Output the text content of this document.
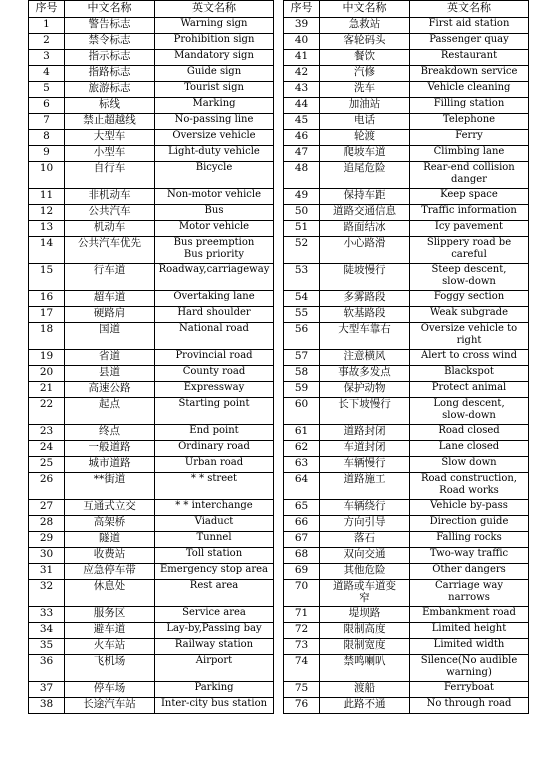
序号	中文名称	英文名称
1	警告标志	Warning sign
2	禁令标志	Prohibition sign
3	指示标志	Mandatory sign
4	指路标志	Guide sign
5	旅游标志	Tourist sign
6	标线	Marking
7	禁止超越线	No-passing line
8	大型车	Oversize vehicle
9	小型车	Light-duty vehicle
10	自行车	Bicycle
11	非机动车	Non-motor vehicle
12	公共汽车	Bus
13	机动车	Motor vehicle
14	公共汽车优先	Bus preemption
Bus priority
15	行车道	Roadway,carriageway
16	超车道	Overtaking lane
17	硬路肩	Hard shoulder
18	国道	National road
19	省道	Provincial road
20	县道	County road
21	高速公路	Expressway
22	起点	Starting point
23	终点	End point
24	一般道路	Ordinary road
25	城市道路	Urban road
26	**街道	* * street
27	互通式立交	* * interchange
28	高架桥	Viaduct
29	隧道	Tunnel
30	收费站	Toll station
31	应急停车带	Emergency stop area
32	休息处	Rest area
33	服务区	Service area
34	避车道	Lay-by,Passing bay
35	火车站	Railway station
36	飞机场	Airport
37	停车场	Parking
38	长途汽车站	Inter-city bus station
序号	中文名称	英文名称
39	急救站	First aid station
40	客轮码头	Passenger quay
41	餐饮	Restaurant
42	汽修	Breakdown service
43	洗车	Vehicle cleaning
44	加油站	Filling station
45	电话	Telephone
46	轮渡	Ferry
47	爬坡车道	Climbing lane
48	追尾危险	Rear-end collision
danger
49	保持车距	Keep space
50	道路交通信息	Traffic information
51	路面结冰	Icy pavement
52	小心路滑	Slippery road be
careful
53	陡坡慢行	Steep descent,
slow-down
54	多雾路段	Foggy section
55	软基路段	Weak subgrade
56	大型车靠右	Oversize vehicle to
right
57	注意横风	Alert to cross wind
58	事故多发点	Blackspot
59	保护动物	Protect animal
60	长下坡慢行	Long descent,
slow-down
61	道路封闭	Road closed
62	车道封闭	Lane closed
63	车辆慢行	Slow down
64	道路施工	Road construction,
Road works
65	车辆绕行	Vehicle by-pass
66	方向引导	Direction guide
67	落石	Falling rocks
68	双向交通	Two-way traffic
69	其他危险	Other dangers
70	道路或车道变
窄	Carriage way
narrows
71	堤坝路	Embankment road
72	限制高度	Limited height
73	限制宽度	Limited width
74	禁鸣喇叭	Silence(No audible
warning)
75	渡船	Ferryboat
76	此路不通	No through road
